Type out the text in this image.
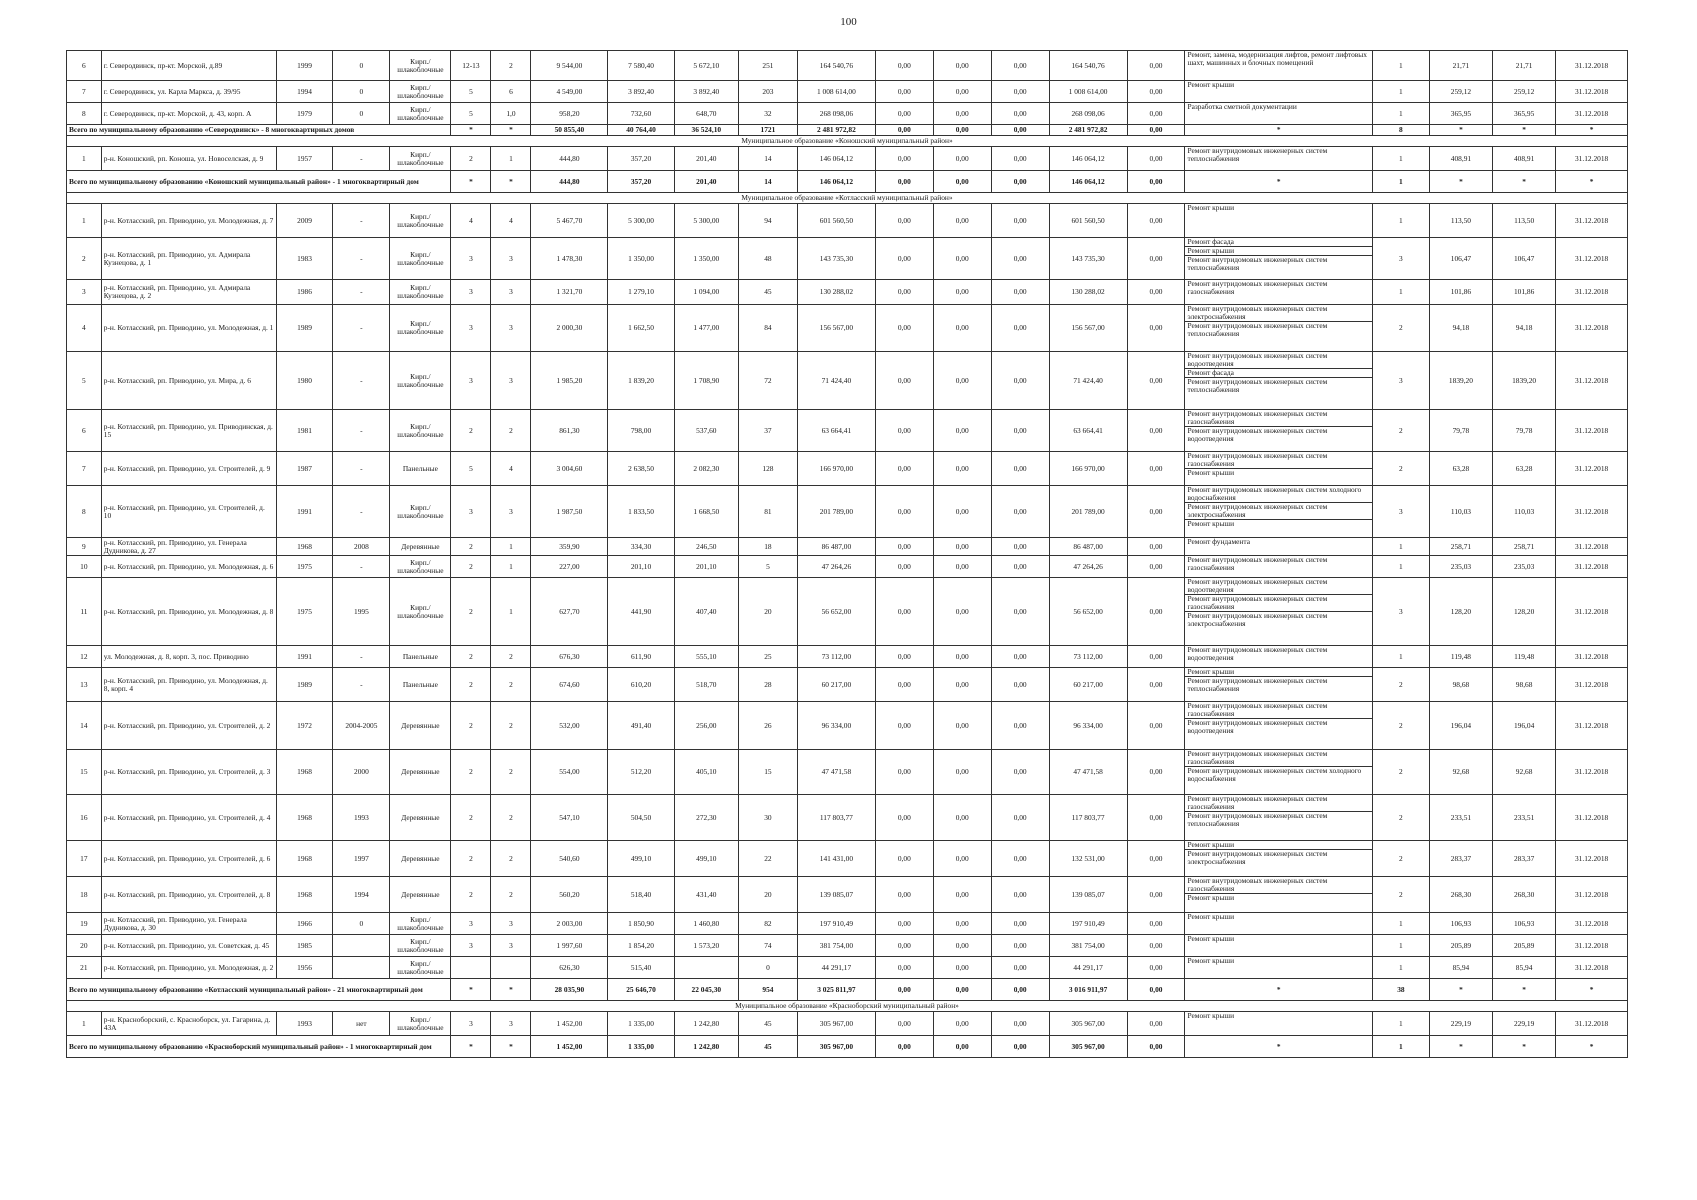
100
6	г. Северодвинск, пр-кт. Морской, д.89	1999	0	Кирп./ шлакоблочные	12-13	2	9 544,00	7 580,40	5 672,10	251	164 540,76	0,00	0,00	0,00	164 540,76	0,00	Ремонт, замена, модернизация лифтов, ремонт лифтовых шахт, машинных и блочных помещений	1	21,71	21,71	31.12.2018
7	г. Северодвинск, ул. Карла Маркса, д. 39/95	1994	0	Кирп./ шлакоблочные	5	6	4 549,00	3 892,40	3 892,40	203	1 008 614,00	0,00	0,00	0,00	1 008 614,00	0,00	Ремонт крыши	1	259,12	259,12	31.12.2018
8	г. Северодвинск, пр-кт. Морской, д. 43, корп. А	1979	0	Кирп./ шлакоблочные	5	1,0	958,20	732,60	648,70	32	268 098,06	0,00	0,00	0,00	268 098,06	0,00	Разработка сметной документации	1	365,95	365,95	31.12.2018
Всего по муниципальному образованию «Северодвинск» - 8 многоквартирных домов					*	*	50 855,40	40 764,40	36 524,10	1721	2 481 972,82	0,00	0,00	0,00	2 481 972,82	0,00	*	8	*	*	*
Муниципальное образование «Коношский муниципальный район»																					
1	р-н. Коношский, рп. Коноша, ул. Новоселская, д. 9	1957	-	Кирп./ шлакоблочные	2	1	444,80	357,20	201,40	14	146 064,12	0,00	0,00	0,00	146 064,12	0,00	Ремонт внутридомовых инженерных систем теплоснабжения	1	408,91	408,91	31.12.2018
Всего по муниципальному образованию «Коношский муниципальный район» - 1 многоквартирный дом					*	*	444,80	357,20	201,40	14	146 064,12	0,00	0,00	0,00	146 064,12	0,00	*	1	*	*	*
Муниципальное образование «Котласский муниципальный район»																					
1	р-н. Котласский, рп. Приводино, ул. Молодежная, д. 7	2009	-	Кирп./ шлакоблочные	4	4	5 467,70	5 300,00	5 300,00	94	601 560,50	0,00	0,00	0,00	601 560,50	0,00	Ремонт крыши	1	113,50	113,50	31.12.2018
2	р-н. Котласский, рп. Приводино, ул. Адмирала Кузнецова, д. 1	1983	-	Кирп./ шлакоблочные	3	3	1 478,30	1 350,00	1 350,00	48	143 735,30	0,00	0,00	0,00	143 735,30	0,00	Ремонт фасада
Ремонт крыши
Ремонт внутридомовых инженерных систем теплоснабжения	3	106,47	106,47	31.12.2018
3	р-н. Котласский, рп. Приводино, ул. Адмирала Кузнецова, д. 2	1986	-	Кирп./ шлакоблочные	3	3	1 321,70	1 279,10	1 094,00	45	130 288,02	0,00	0,00	0,00	130 288,02	0,00	Ремонт внутридомовых инженерных систем газоснабжения	1	101,86	101,86	31.12.2018
4	р-н. Котласский, рп. Приводино, ул. Молодежная, д. 1	1989	-	Кирп./ шлакоблочные	3	3	2 000,30	1 662,50	1 477,00	84	156 567,00	0,00	0,00	0,00	156 567,00	0,00	Ремонт внутридомовых инженерных систем электроснабжения
Ремонт внутридомовых инженерных систем теплоснабжения	2	94,18	94,18	31.12.2018
5	р-н. Котласский, рп. Приводино, ул. Мира, д. 6	1980	-	Кирп./ шлакоблочные	3	3	1 985,20	1 839,20	1 708,90	72	71 424,40	0,00	0,00	0,00	71 424,40	0,00	Ремонт внутридомовых инженерных систем водоотведения
Ремонт фасада
Ремонт внутридомовых инженерных систем теплоснабжения	3	1839,20	1839,20	31.12.2018
6	р-н. Котласский, рп. Приводино, ул. Приводинская, д. 15	1981	-	Кирп./ шлакоблочные	2	2	861,30	798,00	537,60	37	63 664,41	0,00	0,00	0,00	63 664,41	0,00	Ремонт внутридомовых инженерных систем газоснабжения
Ремонт внутридомовых инженерных систем водоотведения	2	79,78	79,78	31.12.2018
7	р-н. Котласский, рп. Приводино, ул. Строителей, д. 9	1987	-	Панельные	5	4	3 004,60	2 638,50	2 082,30	128	166 970,00	0,00	0,00	0,00	166 970,00	0,00	Ремонт внутридомовых инженерных систем газоснабжения
Ремонт крыши	2	63,28	63,28	31.12.2018
8	р-н. Котласский, рп. Приводино, ул. Строителей, д. 10	1991	-	Кирп./ шлакоблочные	3	3	1 987,50	1 833,50	1 668,50	81	201 789,00	0,00	0,00	0,00	201 789,00	0,00	Ремонт внутридомовых инженерных систем холодного водоснабжения
Ремонт внутридомовых инженерных систем электроснабжения
Ремонт крыши	3	110,03	110,03	31.12.2018
9	р-н. Котласский, рп. Приводино, ул. Генерала Дудникова, д. 27	1968	2008	Деревянные	2	1	359,90	334,30	246,50	18	86 487,00	0,00	0,00	0,00	86 487,00	0,00	Ремонт фундамента	1	258,71	258,71	31.12.2018
10	р-н. Котласский, рп. Приводино, ул. Молодежная, д. 6	1975	-	Кирп./ шлакоблочные	2	1	227,00	201,10	201,10	5	47 264,26	0,00	0,00	0,00	47 264,26	0,00	Ремонт внутридомовых инженерных систем газоснабжения	1	235,03	235,03	31.12.2018
11	р-н. Котласский, рп. Приводино, ул. Молодежная, д. 8	1975	1995	Кирп./ шлакоблочные	2	1	627,70	441,90	407,40	20	56 652,00	0,00	0,00	0,00	56 652,00	0,00	Ремонт внутридомовых инженерных систем водоотведения
Ремонт внутридомовых инженерных систем газоснабжения
Ремонт внутридомовых инженерных систем электроснабжения	3	128,20	128,20	31.12.2018
12	ул. Молодежная, д. 8, корп. 3, пос. Приводино	1991	-	Панельные	2	2	676,30	611,90	555,10	25	73 112,00	0,00	0,00	0,00	73 112,00	0,00	Ремонт внутридомовых инженерных систем водоотведения	1	119,48	119,48	31.12.2018
13	р-н. Котласский, рп. Приводино, ул. Молодежная, д. 8, корп. 4	1989	-	Панельные	2	2	674,60	610,20	518,70	28	60 217,00	0,00	0,00	0,00	60 217,00	0,00	Ремонт крыши
Ремонт внутридомовых инженерных систем теплоснабжения	2	98,68	98,68	31.12.2018
14	р-н. Котласский, рп. Приводино, ул. Строителей, д. 2	1972	2004-2005	Деревянные	2	2	532,00	491,40	256,00	26	96 334,00	0,00	0,00	0,00	96 334,00	0,00	Ремонт внутридомовых инженерных систем газоснабжения
Ремонт внутридомовых инженерных систем водоотведения	2	196,04	196,04	31.12.2018
15	р-н. Котласский, рп. Приводино, ул. Строителей, д. 3	1968	2000	Деревянные	2	2	554,00	512,20	405,10	15	47 471,58	0,00	0,00	0,00	47 471,58	0,00	Ремонт внутридомовых инженерных систем газоснабжения
Ремонт внутридомовых инженерных систем холодного водоснабжения	2	92,68	92,68	31.12.2018
16	р-н. Котласский, рп. Приводино, ул. Строителей, д. 4	1968	1993	Деревянные	2	2	547,10	504,50	272,30	30	117 803,77	0,00	0,00	0,00	117 803,77	0,00	Ремонт внутридомовых инженерных систем газоснабжения
Ремонт внутридомовых инженерных систем теплоснабжения	2	233,51	233,51	31.12.2018
17	р-н. Котласский, рп. Приводино, ул. Строителей, д. 6	1968	1997	Деревянные	2	2	540,60	499,10	499,10	22	141 431,00	0,00	0,00	0,00	132 531,00	0,00	Ремонт крыши
Ремонт внутридомовых инженерных систем электроснабжения	2	283,37	283,37	31.12.2018
18	р-н. Котласский, рп. Приводино, ул. Строителей, д. 8	1968	1994	Деревянные	2	2	560,20	518,40	431,40	20	139 085,07	0,00	0,00	0,00	139 085,07	0,00	Ремонт внутридомовых инженерных систем газоснабжения
Ремонт крыши	2	268,30	268,30	31.12.2018
19	р-н. Котласский, рп. Приводино, ул. Генерала Дудникова, д. 30	1966	0	Кирп./ шлакоблочные	3	3	2 003,00	1 850,90	1 460,80	82	197 910,49	0,00	0,00	0,00	197 910,49	0,00	Ремонт крыши	1	106,93	106,93	31.12.2018
20	р-н. Котласский, рп. Приводино, ул. Советская, д. 45	1985		Кирп./ шлакоблочные	3	3	1 997,60	1 854,20	1 573,20	74	381 754,00	0,00	0,00	0,00	381 754,00	0,00	Ремонт крыши	1	205,89	205,89	31.12.2018
21	р-н. Котласский, рп. Приводино, ул. Молодежная, д. 2	1956		Кирп./ шлакоблочные			626,30	515,40		0	44 291,17	0,00	0,00	0,00	44 291,17	0,00	Ремонт крыши	1	85,94	85,94	31.12.2018
Всего по муниципальному образованию «Котласский муниципальный район» - 21 многоквартирный дом					*	*	28 035,90	25 646,70	22 045,30	954	3 025 811,97	0,00	0,00	0,00	3 016 911,97	0,00	*	38	*	*	*
Муниципальное образование «Красноборский муниципальный район»																					
1	р-н. Красноборский, с. Красноборск, ул. Гагарина, д. 43А	1993	нет	Кирп./ шлакоблочные	3	3	1 452,00	1 335,00	1 242,80	45	305 967,00	0,00	0,00	0,00	305 967,00	0,00	Ремонт крыши	1	229,19	229,19	31.12.2018
Всего по муниципальному образованию «Красноборский муниципальный район» - 1 многоквартирный дом					*	*	1 452,00	1 335,00	1 242,80	45	305 967,00	0,00	0,00	0,00	305 967,00	0,00	*	1	*	*	*
